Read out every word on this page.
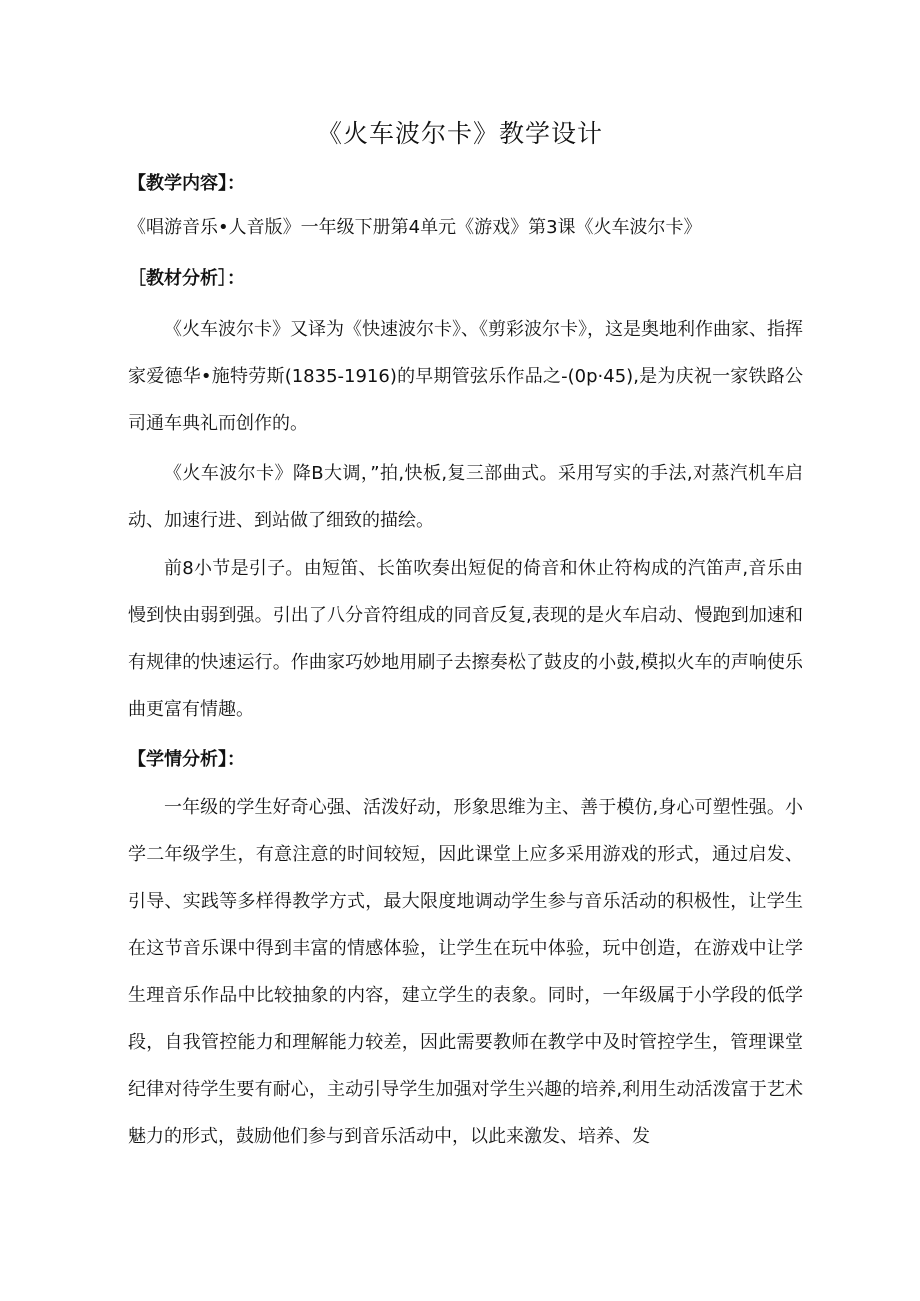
《火车波尔卡》教学设计
【教学内容】：
《唱游音乐•人音版》一年级下册第4单元《游戏》第3课《火车波尔卡》
［教材分析］：

《火车波尔卡》又译为《快速波尔卡》、《剪彩波尔卡》，这是奥地利作曲家、指挥家爱德华•施特劳斯(1835-1916)的早期管弦乐作品之-(0p·45),是为庆祝一家铁路公司通车典礼而创作的。

《火车波尔卡》降B大调，”拍,快板,复三部曲式。采用写实的手法,对蒸汽机车启动、加速行进、到站做了细致的描绘。

前8小节是引子。由短笛、长笛吹奏出短促的倚音和休止符构成的汽笛声,音乐由慢到快由弱到强。引出了八分音符组成的同音反复,表现的是火车启动、慢跑到加速和有规律的快速运行。作曲家巧妙地用刷子去擦奏松了鼓皮的小鼓,模拟火车的声响使乐曲更富有情趣。

【学情分析】：

一年级的学生好奇心强、活泼好动，形象思维为主、善于模仿,身心可塑性强。小学二年级学生，有意注意的时间较短，因此课堂上应多采用游戏的形式，通过启发、引导、实践等多样得教学方式，最大限度地调动学生参与音乐活动的积极性，让学生在这节音乐课中得到丰富的情感体验，让学生在玩中体验，玩中创造，在游戏中让学生理音乐作品中比较抽象的内容，建立学生的表象。同时，一年级属于小学段的低学段，自我管控能力和理解能力较差，因此需要教师在教学中及时管控学生，管理课堂纪律对待学生要有耐心，主动引导学生加强对学生兴趣的培养,利用生动活泼富于艺术魅力的形式，鼓励他们参与到音乐活动中，以此来激发、培养、发
